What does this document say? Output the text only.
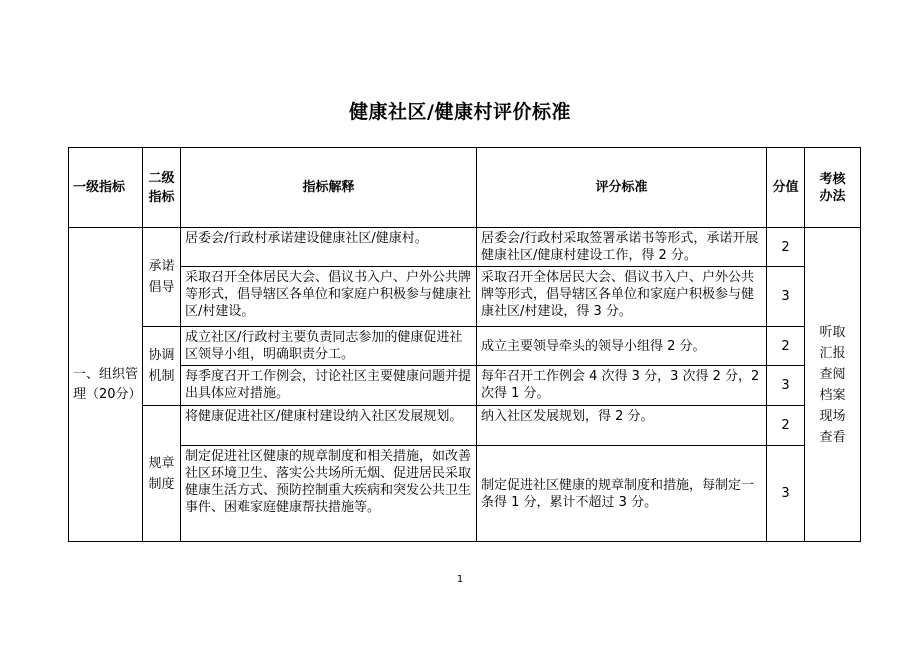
健康社区/健康村评价标准
一级指标	二级指标	指标解释	评分标准	分值	考核办法
一、组织管理（20分）	承诺倡导	居委会/行政村承诺建设健康社区/健康村。	居委会/行政村采取签署承诺书等形式，承诺开展健康社区/健康村建设工作，得 2 分。	2	听取汇报查阅档案现场查看
		采取召开全体居民大会、倡议书入户、户外公共牌等形式，倡导辖区各单位和家庭户积极参与健康社区/村建设。	采取召开全体居民大会、倡议书入户、户外公共牌等形式，倡导辖区各单位和家庭户积极参与健康社区/村建设，得 3 分。	3	
	协调机制	成立社区/行政村主要负责同志参加的健康促进社区领导小组，明确职责分工。	成立主要领导牵头的领导小组得 2 分。	2	
		每季度召开工作例会，讨论社区主要健康问题并提出具体应对措施。	每年召开工作例会 4 次得 3 分，3 次得 2 分，2 次得 1 分。	3	
	规章制度	将健康促进社区/健康村建设纳入社区发展规划。	纳入社区发展规划，得 2 分。	2	
		制定促进社区健康的规章制度和相关措施，如改善社区环境卫生、落实公共场所无烟、促进居民采取健康生活方式、预防控制重大疾病和突发公共卫生事件、困难家庭健康帮扶措施等。	制定促进社区健康的规章制度和措施，每制定一条得 1 分，累计不超过 3 分。	3	
1
